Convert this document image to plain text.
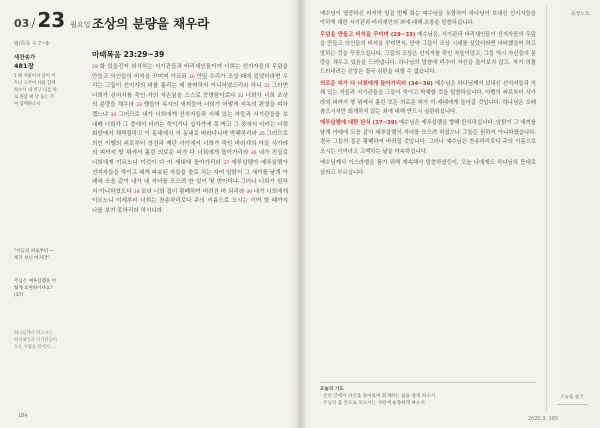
03 / 23 월요일
왕/특목 수 7~9
새찬송가
481장
1 때 저물어서 날이 어두니 구주여 나와 함께하소서 내 친구 나를 위로 못할 때 날 돕는 주여 함께하소서
“이들의 피로부터 ~ 세기 보니 마지막”
주님은 예루살렘을 어떻게 표현하시나요? (37)
하나님께서 막으시는 바리새인과 서기관들이 모든 사람들 앞에서...
조상의 분량을 채우라
마태복음 23:29~39
29 화 있을진저 외식하는 서기관들과 바리새인들이여 너희는 선지자들의 무덤을 만들고 의인들의 비석을 꾸미며 이르되 30 만일 우리가 조상 때에 있었더라면 우리는 그들이 선지자의 피를 흘리는 데 참여하지 아니하였으리라 하니 31 그러면 너희가 선지자를 죽인 자의 자손임을 스스로 증명함이로다 32 너희가 너희 조상의 분량을 채우라 33 뱀들아 독사의 새끼들아 너희가 어떻게 지옥의 판결을 피하겠느냐 34 그러므로 내가 너희에게 선지자들과 지혜 있는 자들과 서기관들을 보내매 너희가 그 중에서 더러는 죽이거나 십자가에 못 박고 그 중에서 더러는 너희 회당에서 채찍질하고 이 동네에서 저 동네로 따라다니며 박해하리라 35 그러므로 의인 아벨의 피로부터 성전과 제단 사이에서 너희가 죽인 바라갸의 아들 사가랴의 피까지 땅 위에서 흘린 의로운 피가 다 너희에게 돌아가리라 36 내가 진실로 너희에게 이르노니 이것이 다 이 세대에 돌아가리라 37 예루살렘아 예루살렘아 선지자들을 죽이고 네게 파송된 자들을 돌로 치는 자여 암탉이 그 새끼를 날개 아래에 모음 같이 내가 네 자녀를 모으려 한 일이 몇 번이더냐 그러나 너희가 원하지 아니하였도다 38 보라 너희 집이 황폐하여 버려진 바 되리라 39 내가 너희에게 이르노니 이제부터 너희는 찬송하리로다 주의 이름으로 오시는 이여 할 때까지 나를 보지 못하리라 하시니라
184
묵상노트

예수님이 열중하신 마지막 일곱 번째 화는 예수님을 포함하여 하나님이 보내신 선지자들을 악하게 대한 서기관과 바리새인의 죄에 대해 조롱을 말씀하십니다.

무덤을 만들고 비석을 꾸미며 (29~33) 예수님은, 서기관과 바리새인들이 선지자들의 무덤을 만들고 의인들의 비석을 꾸미면서, 만약 그들이 조상 시대를 살았더라면 어떠했을까 하고 말하는 것을 꾸짖으십니다. 그들의 조상은 선지자를 죽인 자들이었고, 그들 역시 자신들의 분량을 채우고 있음을 드러냅니다. 하나님의 말씀에 비추어 자신을 돌아보지 않고, 자기 의를 드러내려는 신앙은 결국 심판을 피할 수 없습니다.

의로운 피가 다 너희에게 돌아가리라 (34~36) 예수님은 하나님께서 보내신 선지자들과 지혜 있는 자들과 서기관들을 그들이 죽이고 박해할 것을 말씀하십니다. 아벨의 피로부터 사가랴의 피까지 땅 위에서 흘린 모든 의로운 피가 이 세대에게 돌아갈 것입니다. 하나님은 오래 참으시지만 회개하지 않는 죄에 대해 반드시 심판하십니다.

예루살렘에 대한 탄식 (37~39) 예수님은 예루살렘을 향해 탄식하십니다. 암탉이 그 새끼를 날개 아래에 모음 같이 예루살렘의 자녀를 모으려 하셨으나 그들은 원하지 아니하였습니다. 결국 그들의 집은 황폐하여 버려질 것입니다. 그러나 예수님은 찬송하리로다 주의 이름으로 오시는 이여라고 고백하는 날을 약속하십니다.

예수님께서 이스라엘을 품기 위해 계속해서 말씀하셨듯이, 오늘 나에게도 하나님의 뜻대로 살라고 부르십니다.

오늘의 기도
· 진리 안에서 자신을 돌아보며 회개하는 삶을 살게 하소서.
· 주님의 품 안으로 모으시는 사랑에 순종하게 하소서.
오늘을 살기
2020.3. 185
